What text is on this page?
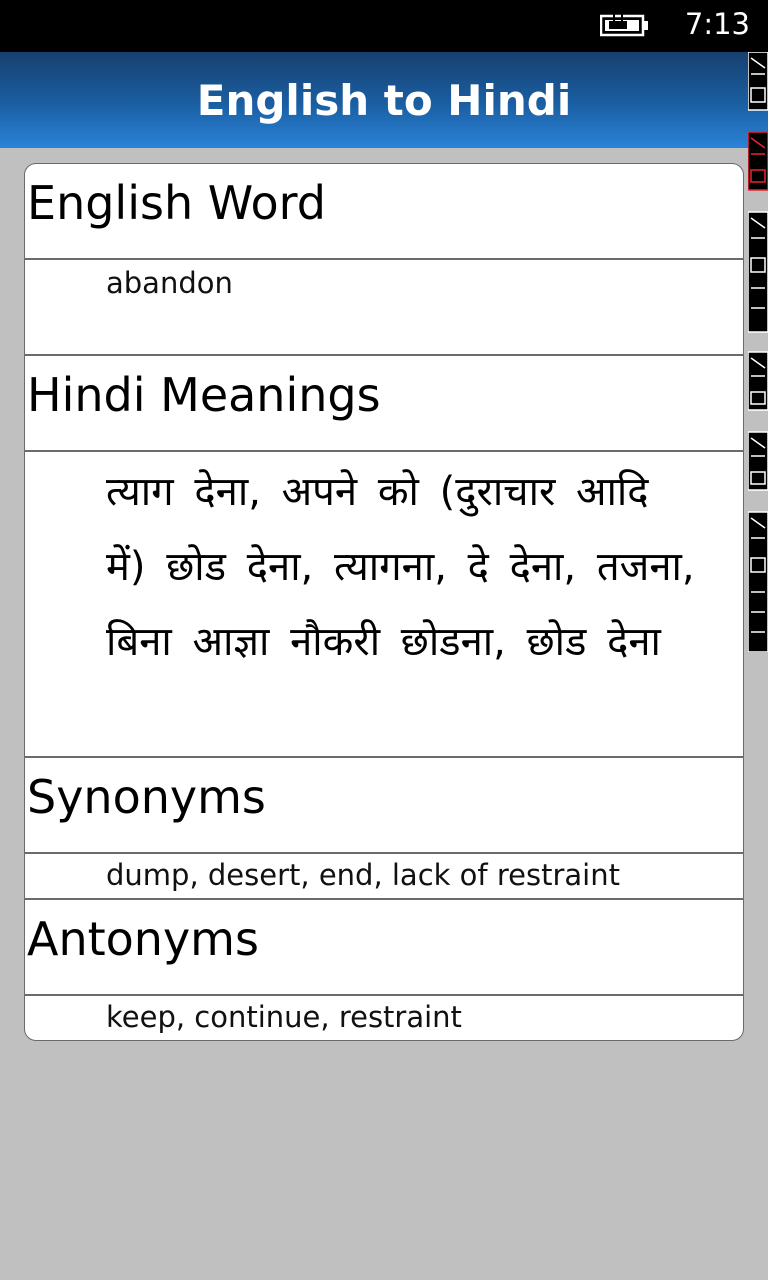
7:13
English to Hindi
English Word
abandon
Hindi Meanings
त्याग देना, अपने को (दुराचार आदि में) छोड देना, त्यागना, दे देना, तजना, बिना आज्ञा नौकरी छोडना, छोड देना
Synonyms
dump, desert, end, lack of restraint
Antonyms
keep, continue, restraint
